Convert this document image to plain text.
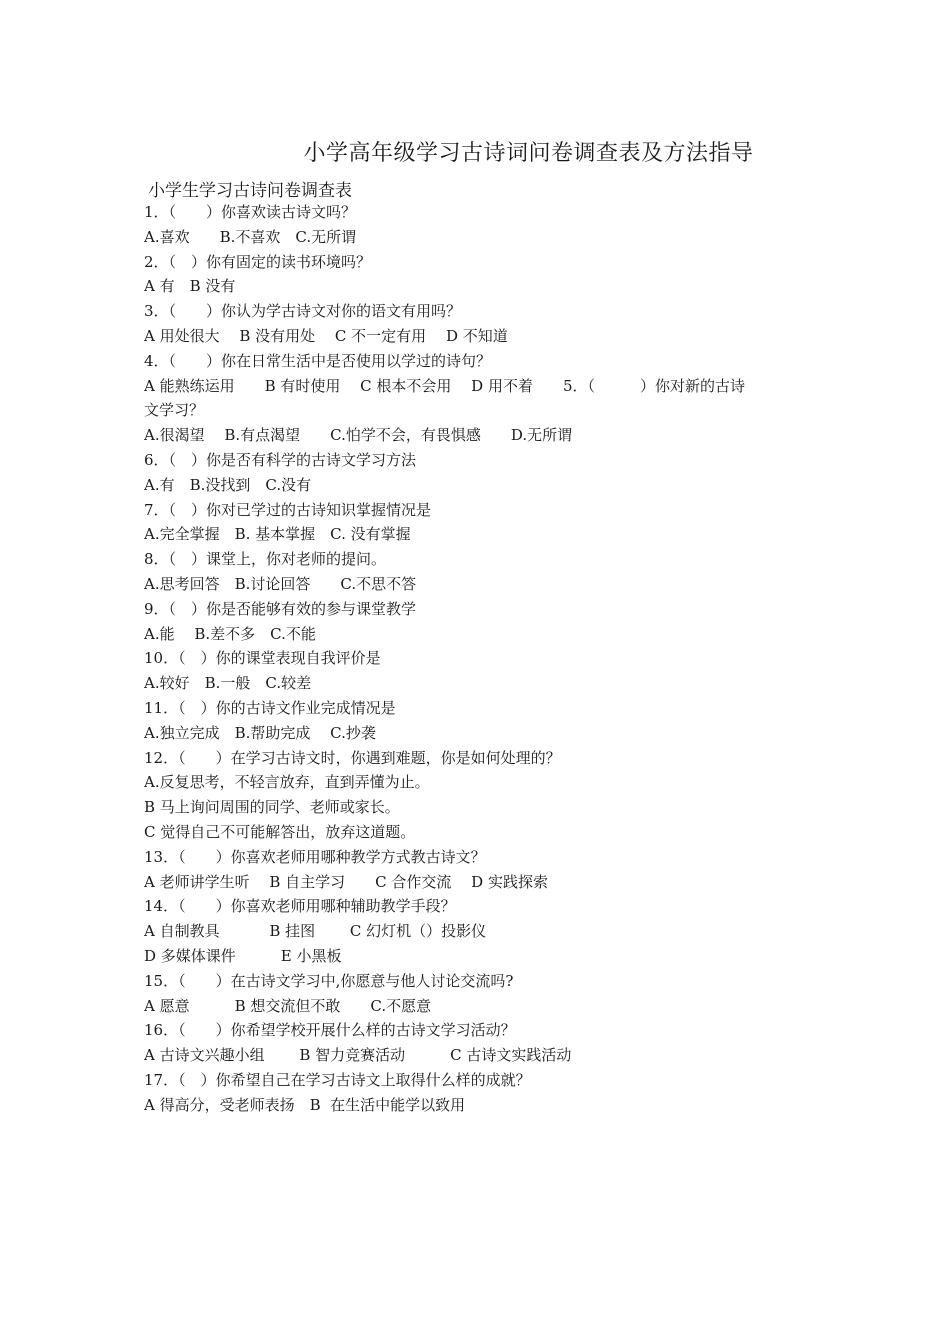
小学高年级学习古诗词问卷调查表及方法指导
小学生学习古诗问卷调查表
1．（　　）你喜欢读古诗文吗？
A.喜欢　　B.不喜欢　C.无所谓
2．（　）你有固定的读书环境吗？
A 有　B 没有
3．（　　）你认为学古诗文对你的语文有用吗？
A 用处很大　 B 没有用处　 C 不一定有用　 D 不知道
4．（　　）你在日常生活中是否使用以学过的诗句？
A 能熟练运用　　B 有时使用　 C 根本不会用　 D 用不着　　5．（　　　）你对新的古诗
文学习？
A.很渴望　 B.有点渴望　　C.怕学不会，有畏惧感　　D.无所谓
6．（　）你是否有科学的古诗文学习方法
A.有　B.没找到　C.没有
7．（　）你对已学过的古诗知识掌握情况是
A.完全掌握　B. 基本掌握　C. 没有掌握
8．（　）课堂上，你对老师的提问。
A.思考回答　B.讨论回答　　C.不思不答
9．（　）你是否能够有效的参与课堂教学
A.能　 B.差不多　C.不能
10．（　）你的课堂表现自我评价是
A.较好　B.一般　C.较差
11．（　）你的古诗文作业完成情况是
A.独立完成　B.帮助完成　 C.抄袭
12．（　　）在学习古诗文时，你遇到难题，你是如何处理的？
A.反复思考，不轻言放弃，直到弄懂为止。
B 马上询问周围的同学、老师或家长。
C 觉得自己不可能解答出，放弃这道题。
13．（　　）你喜欢老师用哪种教学方式教古诗文？
A 老师讲学生听　 B 自主学习　　C 合作交流　 D 实践探索
14．（　　）你喜欢老师用哪种辅助教学手段？
A 自制教具　　　 B 挂图　　 C 幻灯机（）投影仪
D 多媒体课件　　　E 小黑板
15．（　　）在古诗文学习中,你愿意与他人讨论交流吗?
A 愿意　　　B 想交流但不敢　　C.不愿意
16．（　　）你希望学校开展什么样的古诗文学习活动？
A 古诗文兴趣小组　　 B 智力竞赛活动　　　C 古诗文实践活动
17．（　）你希望自己在学习古诗文上取得什么样的成就？
A 得高分，受老师表扬　B  在生活中能学以致用
